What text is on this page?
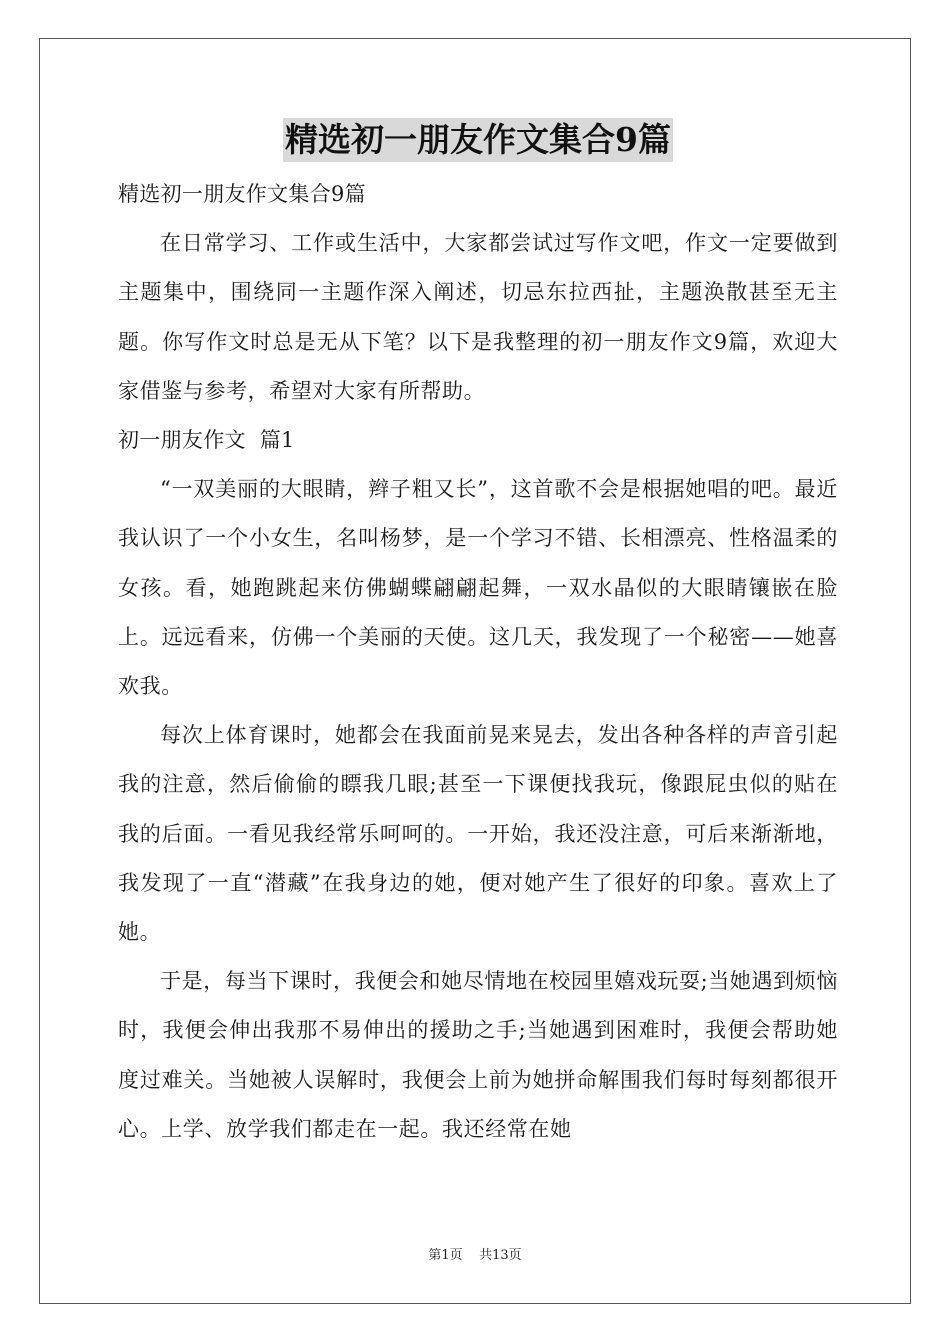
精选初一朋友作文集合9篇

精选初一朋友作文集合9篇

在日常学习、工作或生活中，大家都尝试过写作文吧，作文一定要做到主题集中，围绕同一主题作深入阐述，切忌东拉西扯，主题涣散甚至无主题。你写作文时总是无从下笔？以下是我整理的初一朋友作文9篇，欢迎大家借鉴与参考，希望对大家有所帮助。

初一朋友作文  篇1

“一双美丽的大眼睛，辫子粗又长”，这首歌不会是根据她唱的吧。最近我认识了一个小女生，名叫杨梦，是一个学习不错、长相漂亮、性格温柔的女孩。看，她跑跳起来仿佛蝴蝶翩翩起舞，一双水晶似的大眼睛镶嵌在脸上。远远看来，仿佛一个美丽的天使。这几天，我发现了一个秘密——她喜欢我。

每次上体育课时，她都会在我面前晃来晃去，发出各种各样的声音引起我的注意，然后偷偷的瞟我几眼;甚至一下课便找我玩，像跟屁虫似的贴在我的后面。一看见我经常乐呵呵的。一开始，我还没注意，可后来渐渐地，我发现了一直“潜藏”在我身边的她，便对她产生了很好的印象。喜欢上了她。

于是，每当下课时，我便会和她尽情地在校园里嬉戏玩耍;当她遇到烦恼时，我便会伸出我那不易伸出的援助之手;当她遇到困难时，我便会帮助她度过难关。当她被人误解时，我便会上前为她拼命解围我们每时每刻都很开心。上学、放学我们都走在一起。我还经常在她

第1页    共13页
